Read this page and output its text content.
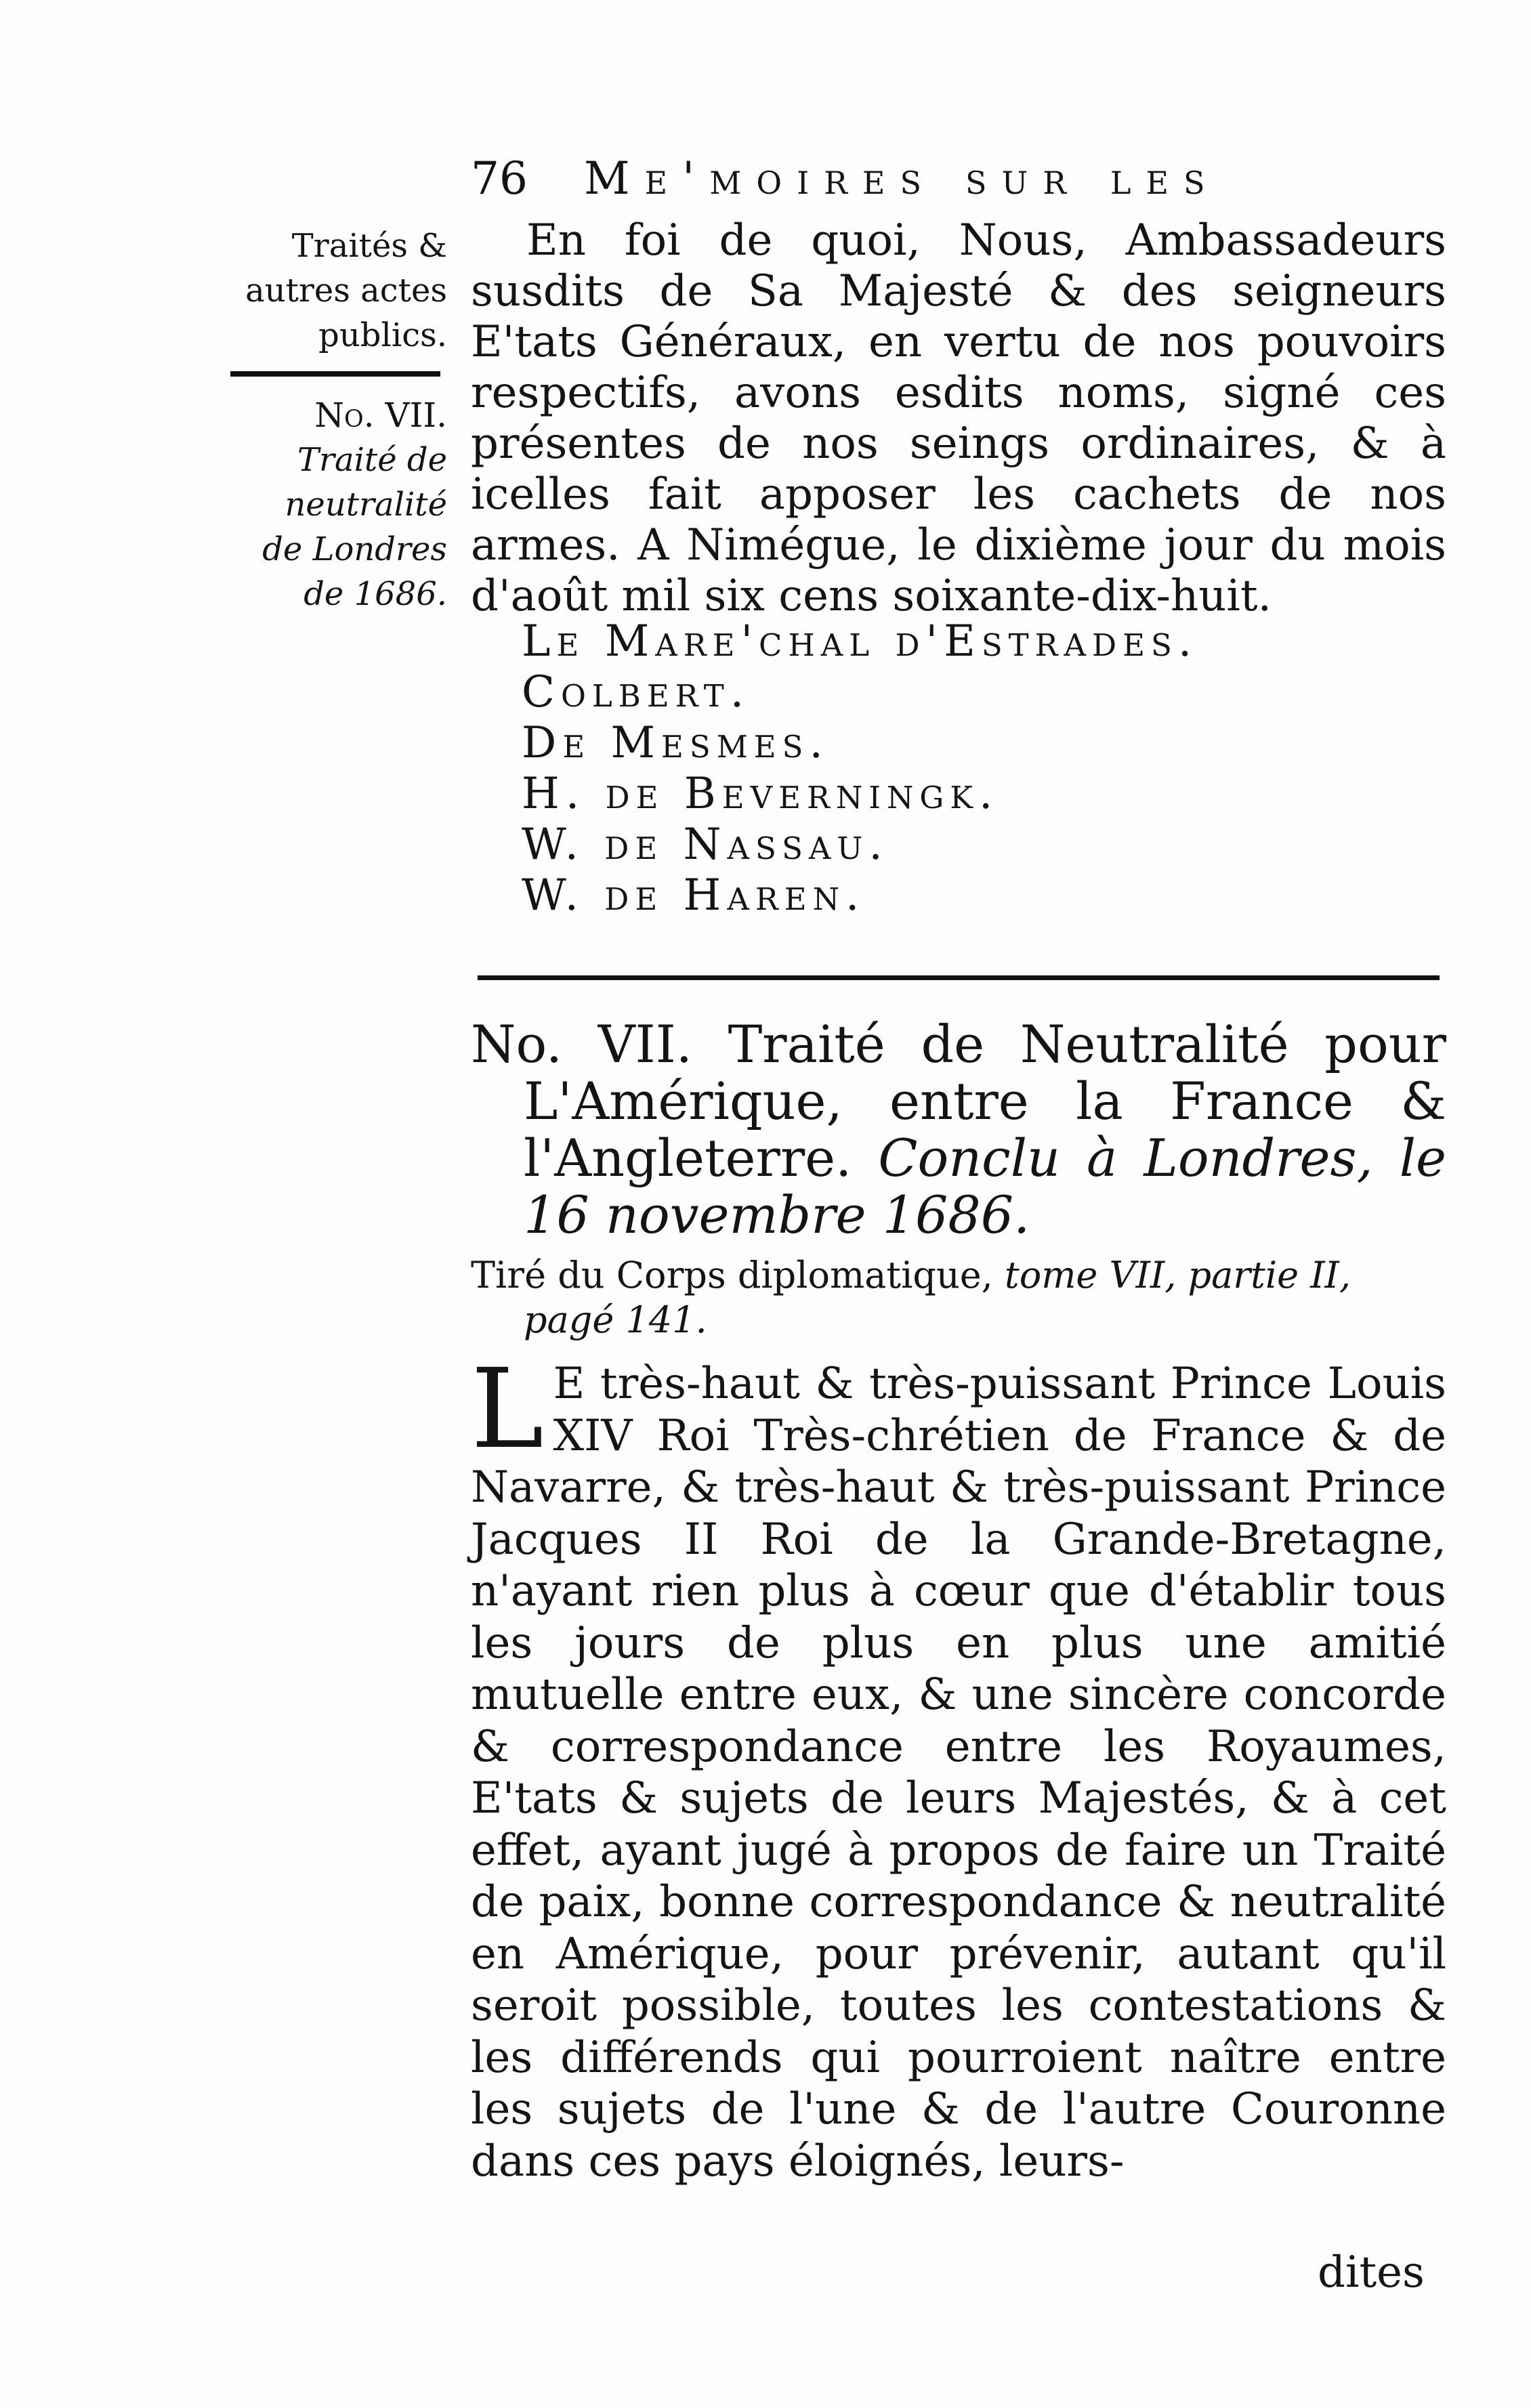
76 Me'moires sur les
Traités &
autres actes
publics.
No. VII.
Traité de
neutralité
de Londres
de 1686.

En foi de quoi, Nous, Ambassadeurs susdits de Sa Majesté & des seigneurs E'tats Généraux, en vertu de nos pouvoirs respectifs, avons esdits noms, signé ces présentes de nos seings ordinaires, & à icelles fait apposer les cachets de nos armes. A Nimégue, le dixième jour du mois d'août mil six cens soixante-dix-huit.

Le Mare'chal d'Estrades.
Colbert.
De Mesmes.
H. de Beverningk.
W. de Nassau.
W. de Haren.

No. VII. Traité de Neutralité pour L'Amérique, entre la France & l'Angleterre. Conclu à Londres, le 16 novembre 1686.

Tiré du Corps diplomatique, tome VII, partie II, pagé 141.

L E très-haut & très-puissant Prince Louis XIV Roi Très-chrétien de France & de Navarre, & très-haut & très-puissant Prince Jacques II Roi de la Grande-Bretagne, n'ayant rien plus à cœur que d'établir tous les jours de plus en plus une amitié mutuelle entre eux, & une sincère concorde & correspondance entre les Royaumes, E'tats & sujets de leurs Majestés, & à cet effet, ayant jugé à propos de faire un Traité de paix, bonne correspondance & neutralité en Amérique, pour prévenir, autant qu'il seroit possible, toutes les contestations & les différends qui pourroient naître entre les sujets de l'une & de l'autre Couronne dans ces pays éloignés, leurs-

dites
